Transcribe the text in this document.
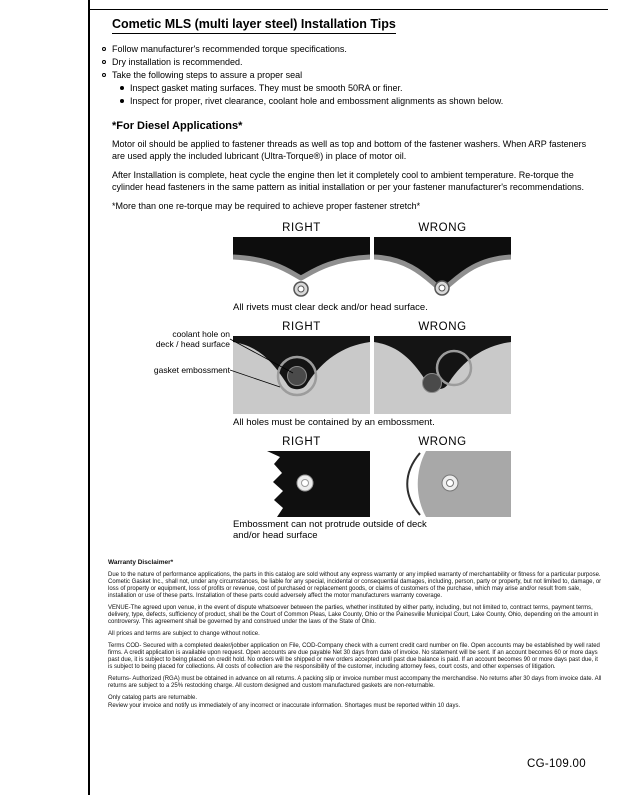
Cometic MLS (multi layer steel) Installation Tips
Follow manufacturer's recommended torque specifications.
Dry installation is recommended.
Take the following steps to assure a proper seal
Inspect gasket mating surfaces. They must be smooth 50RA or finer.
Inspect for proper, rivet clearance, coolant hole and embossment alignments as shown below.
*For Diesel Applications*

Motor oil should be applied to fastener threads as well as top and bottom of the fastener washers. When ARP fasteners are used apply the included lubricant (Ultra-Torque®) in place of motor oil.

After Installation is complete, heat cycle the engine then let it completely cool to ambient temperature. Re-torque the cylinder head fasteners in the same pattern as initial installation or per your fastener manufacturer's recommendations.

*More than one re-torque may be required to achieve proper fastener stretch*

RIGHT	WRONG
All rivets must clear deck and/or head surface.
coolant hole on
deck / head surface
gasket embossment
RIGHT	WRONG
All holes must be contained by an embossment.
RIGHT	WRONG
Embossment can not protrude outside of deck
and/or head surface

Warranty Disclaimer*

Due to the nature of performance applications, the parts in this catalog are sold without any express warranty or any implied warranty of merchantability or fitness for a particular purpose. Cometic Gasket Inc., shall not, under any circumstances, be liable for any special, incidental or consequential damages, including, person, party or property, but not limited to, damage, or loss of property or equipment, loss of profits or revenue, cost of purchased or replacement goods, or claims of customers of the purchase, which may arise and/or result from sale, installation or use of these parts. Installation of these parts could adversely affect the motor manufacturers warranty coverage.

VENUE-The agreed upon venue, in the event of dispute whatsoever between the parties, whether instituted by either party, including, but not limited to, contract terms, payment terms, delivery, type, defects, sufficiency of product, shall be the Court of Common Pleas, Lake County, Ohio or the Painesville Municipal Court, Lake County, Ohio, depending on the amount in controversy. This agreement shall be governed by and construed under the laws of the State of Ohio.

All prices and terms are subject to change without notice.

Terms COD- Secured with a completed dealer/jobber application on File, COD-Company check with a current credit card number on file. Open accounts may be established by well rated firms. A credit application is available upon request. Open accounts are due payable Net 30 days from date of invoice. No statement will be sent. If an account becomes 60 or more days past due, it is subject to being placed on credit hold. No orders will be shipped or new orders accepted until past due balance is paid. If an account becomes 90 or more days past due, it is subject to being placed for collections. All costs of collection are the responsibility of the customer, including attorney fees, court costs, and other expenses of litigation.

Returns- Authorized (RGA) must be obtained in advance on all returns. A packing slip or invoice number must accompany the merchandise. No returns after 30 days from invoice date. All returns are subject to a 25% restocking charge. All custom designed and custom manufactured gaskets are non-returnable.

Only catalog parts are returnable.

Review your invoice and notify us immediately of any incorrect or inaccurate information. Shortages must be reported within 10 days.

CG-109.00
